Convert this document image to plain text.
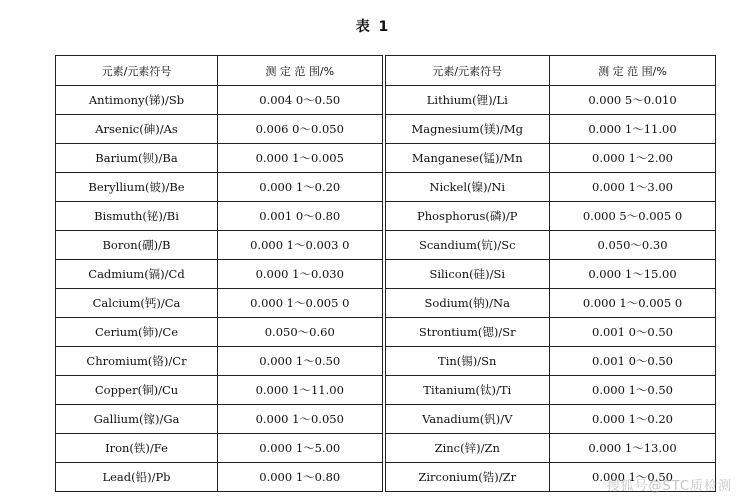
表 1
元素/元素符号	测 定 范 围/%	元素/元素符号	测 定 范 围/%
Antimony(锑)/Sb	0.004 0～0.50	Lithium(锂)/Li	0.000 5～0.010
Arsenic(砷)/As	0.006 0～0.050	Magnesium(镁)/Mg	0.000 1～11.00
Barium(钡)/Ba	0.000 1～0.005	Manganese(锰)/Mn	0.000 1～2.00
Beryllium(铍)/Be	0.000 1～0.20	Nickel(镍)/Ni	0.000 1～3.00
Bismuth(铋)/Bi	0.001 0～0.80	Phosphorus(磷)/P	0.000 5～0.005 0
Boron(硼)/B	0.000 1～0.003 0	Scandium(钪)/Sc	0.050～0.30
Cadmium(镉)/Cd	0.000 1～0.030	Silicon(硅)/Si	0.000 1～15.00
Calcium(钙)/Ca	0.000 1～0.005 0	Sodium(钠)/Na	0.000 1～0.005 0
Cerium(铈)/Ce	0.050～0.60	Strontium(锶)/Sr	0.001 0～0.50
Chromium(铬)/Cr	0.000 1～0.50	Tin(锡)/Sn	0.001 0～0.50
Copper(铜)/Cu	0.000 1～11.00	Titanium(钛)/Ti	0.000 1～0.50
Gallium(镓)/Ga	0.000 1～0.050	Vanadium(钒)/V	0.000 1～0.20
Iron(铁)/Fe	0.000 1～5.00	Zinc(锌)/Zn	0.000 1～13.00
Lead(铅)/Pb	0.000 1～0.80	Zirconium(锆)/Zr	0.000 1～0.50
搜狐号@STC质检测
